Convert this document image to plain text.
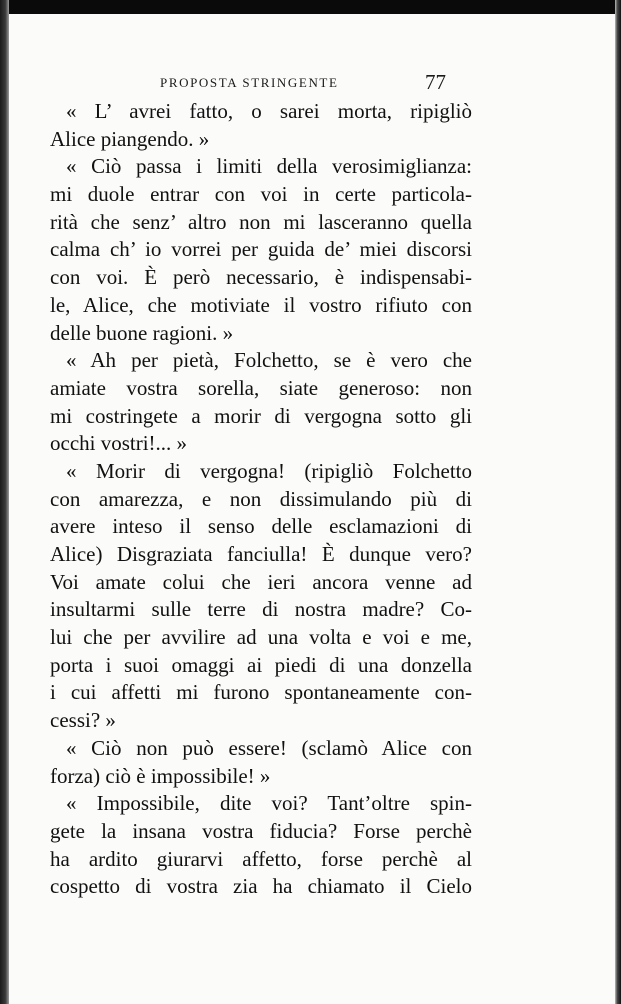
PROPOSTA STRINGENTE	77
« L’ avrei fatto, o sarei morta, ripigliò
Alice piangendo. »
« Ciò passa i limiti della verosimiglianza:
mi duole entrar con voi in certe particola-
rità che senz’ altro non mi lasceranno quella
calma ch’ io vorrei per guida de’ miei discorsi
con voi. È però necessario, è indispensabi-
le, Alice, che motiviate il vostro rifiuto con
delle buone ragioni. »
« Ah per pietà, Folchetto, se è vero che
amiate vostra sorella, siate generoso: non
mi costringete a morir di vergogna sotto gli
occhi vostri!... »
« Morir di vergogna! (ripigliò Folchetto
con amarezza, e non dissimulando più di
avere inteso il senso delle esclamazioni di
Alice) Disgraziata fanciulla! È dunque vero?
Voi amate colui che ieri ancora venne ad
insultarmi sulle terre di nostra madre? Co-
lui che per avvilire ad una volta e voi e me,
porta i suoi omaggi ai piedi di una donzella
i cui affetti mi furono spontaneamente con-
cessi? »
« Ciò non può essere! (sclamò Alice con
forza) ciò è impossibile! »
« Impossibile, dite voi? Tant’oltre spin-
gete la insana vostra fiducia? Forse perchè
ha ardito giurarvi affetto, forse perchè al
cospetto di vostra zia ha chiamato il Cielo
